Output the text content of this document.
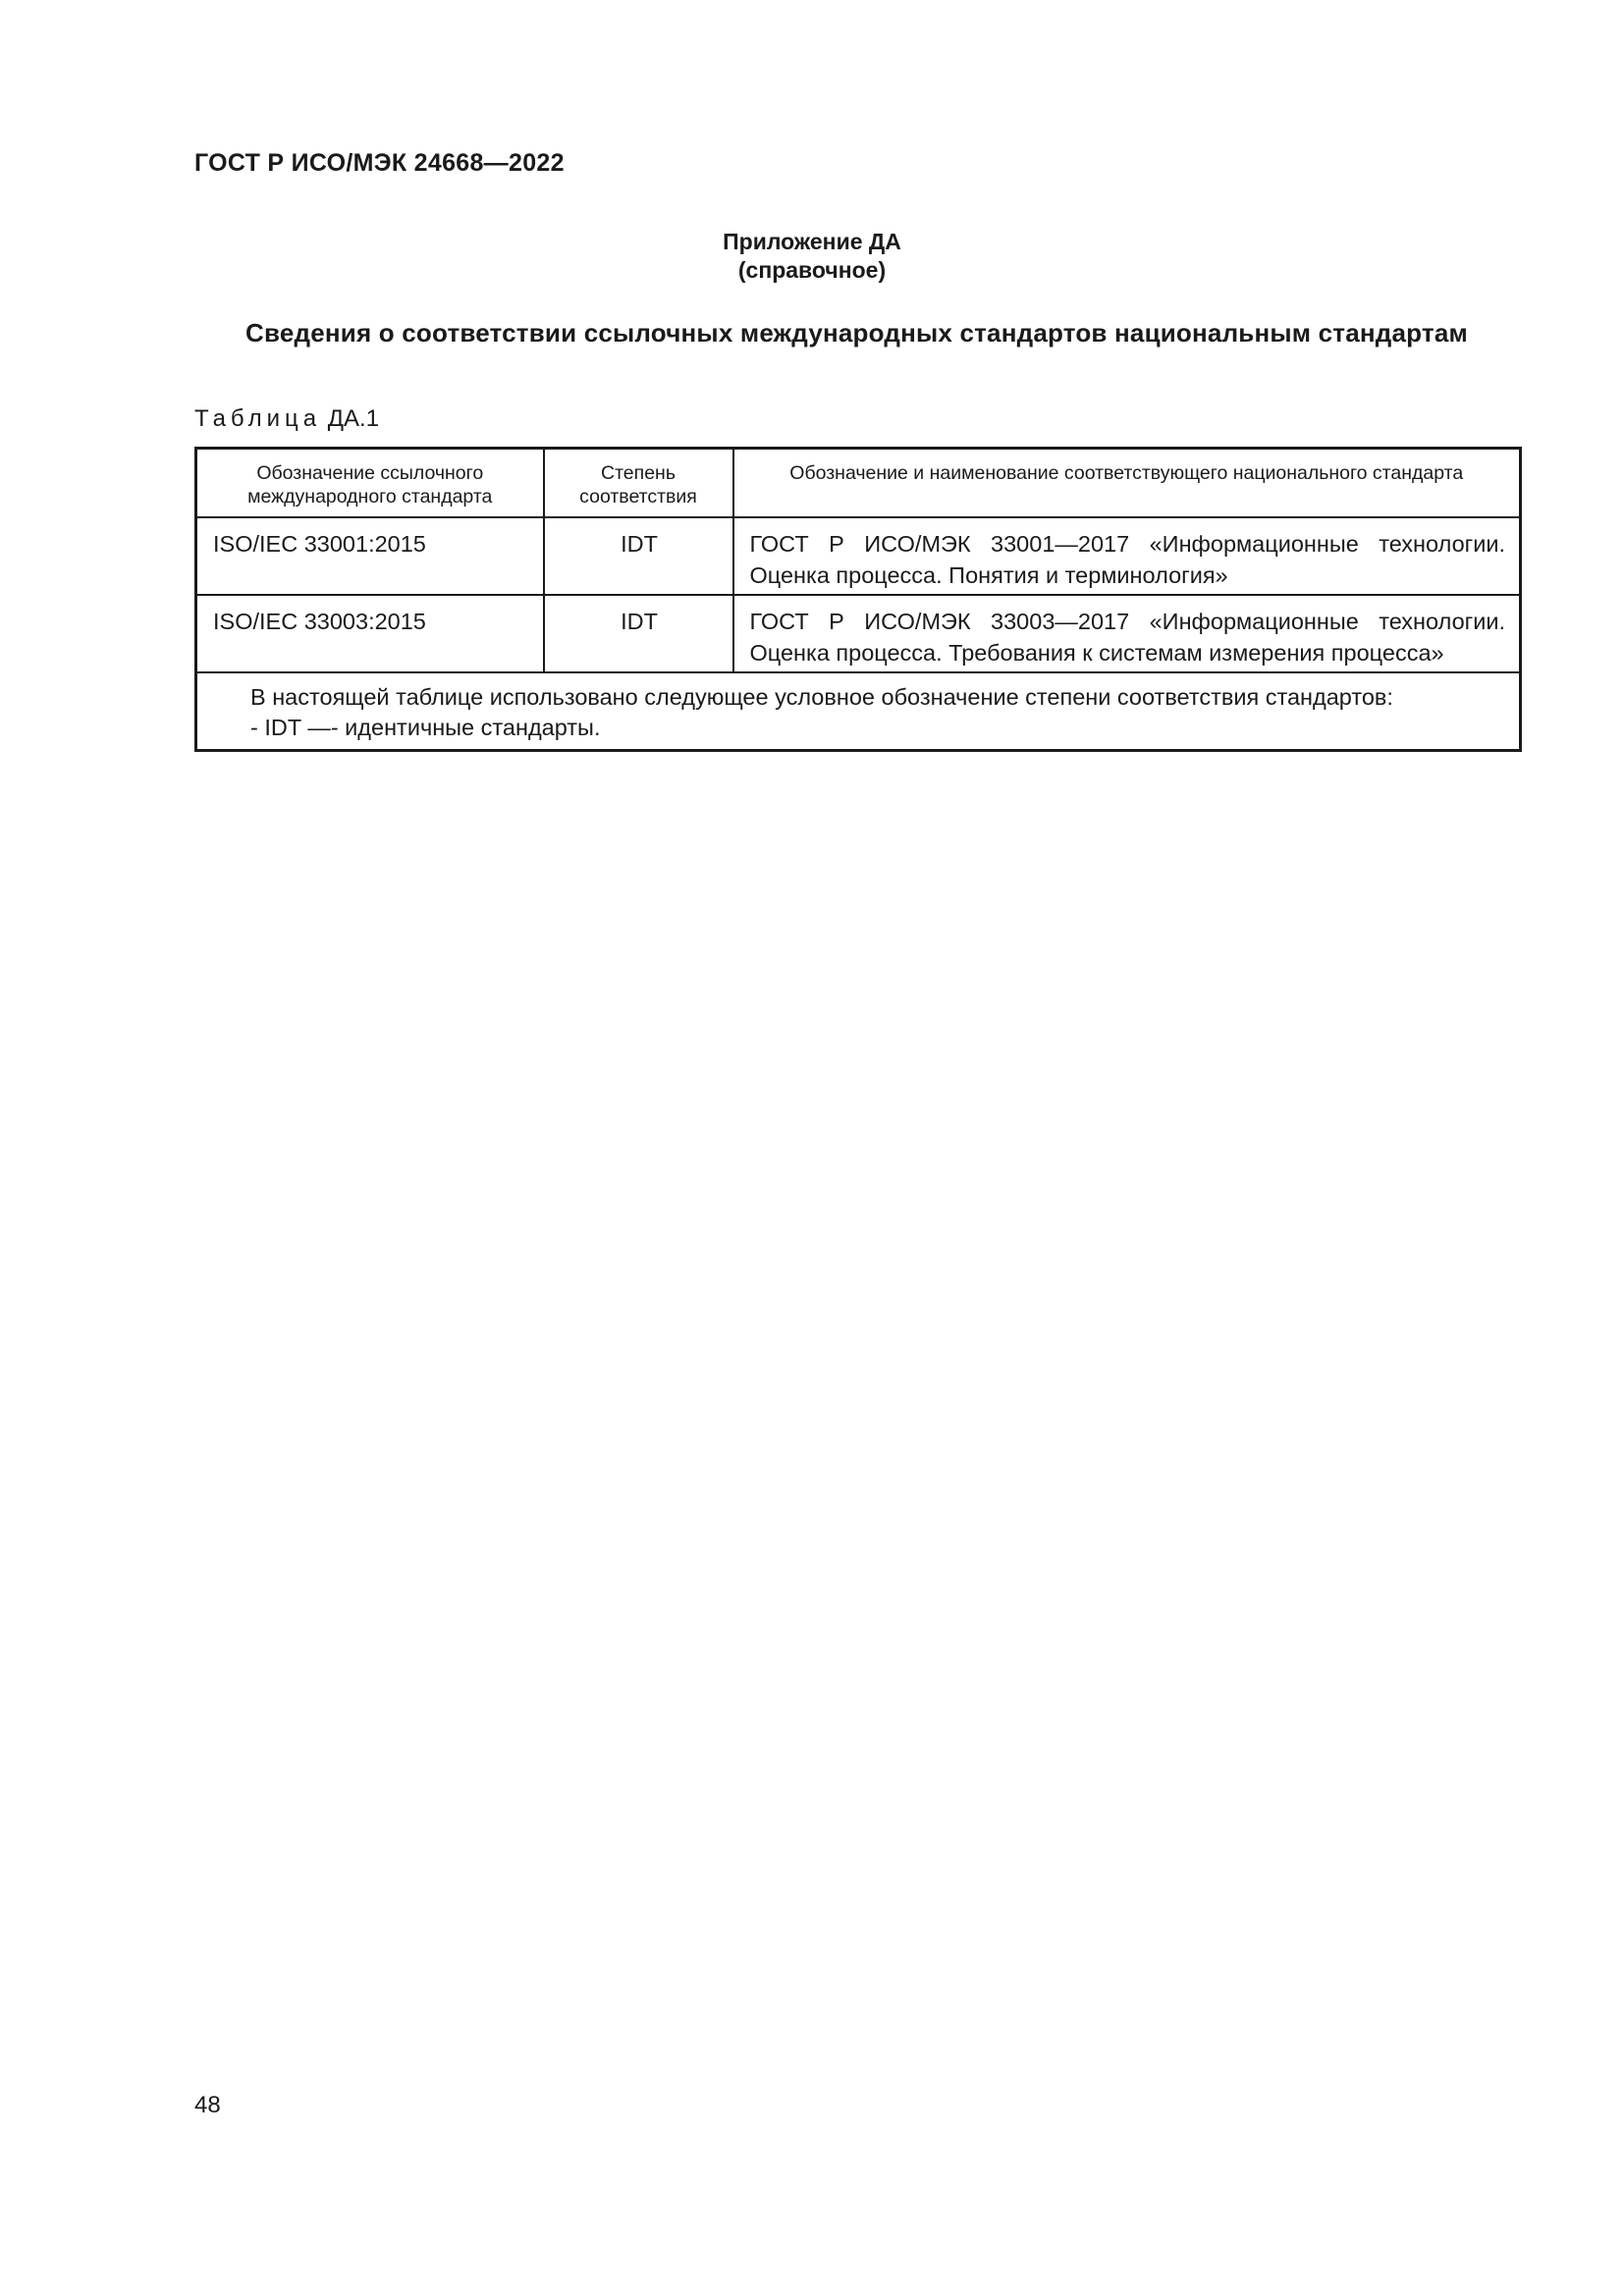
ГОСТ Р ИСО/МЭК 24668—2022
Приложение ДА
(справочное)
Сведения о соответствии ссылочных международных стандартов национальным стандартам
Таблица ДА.1
Обозначение ссылочного международного стандарта	Степень соответствия	Обозначение и наименование соответствующего национального стандарта
ISO/IEC 33001:2015	IDT	ГОСТ Р ИСО/МЭК 33001—2017 «Информационные технологии. Оценка процесса. Понятия и терминология»
ISO/IEC 33003:2015	IDT	ГОСТ Р ИСО/МЭК 33003—2017 «Информационные технологии. Оценка процесса. Требования к системам измерения процесса»

В настоящей таблице использовано следующее условное обозначение степени соответствия стандартов:
- IDT —- идентичные стандарты.		
48
